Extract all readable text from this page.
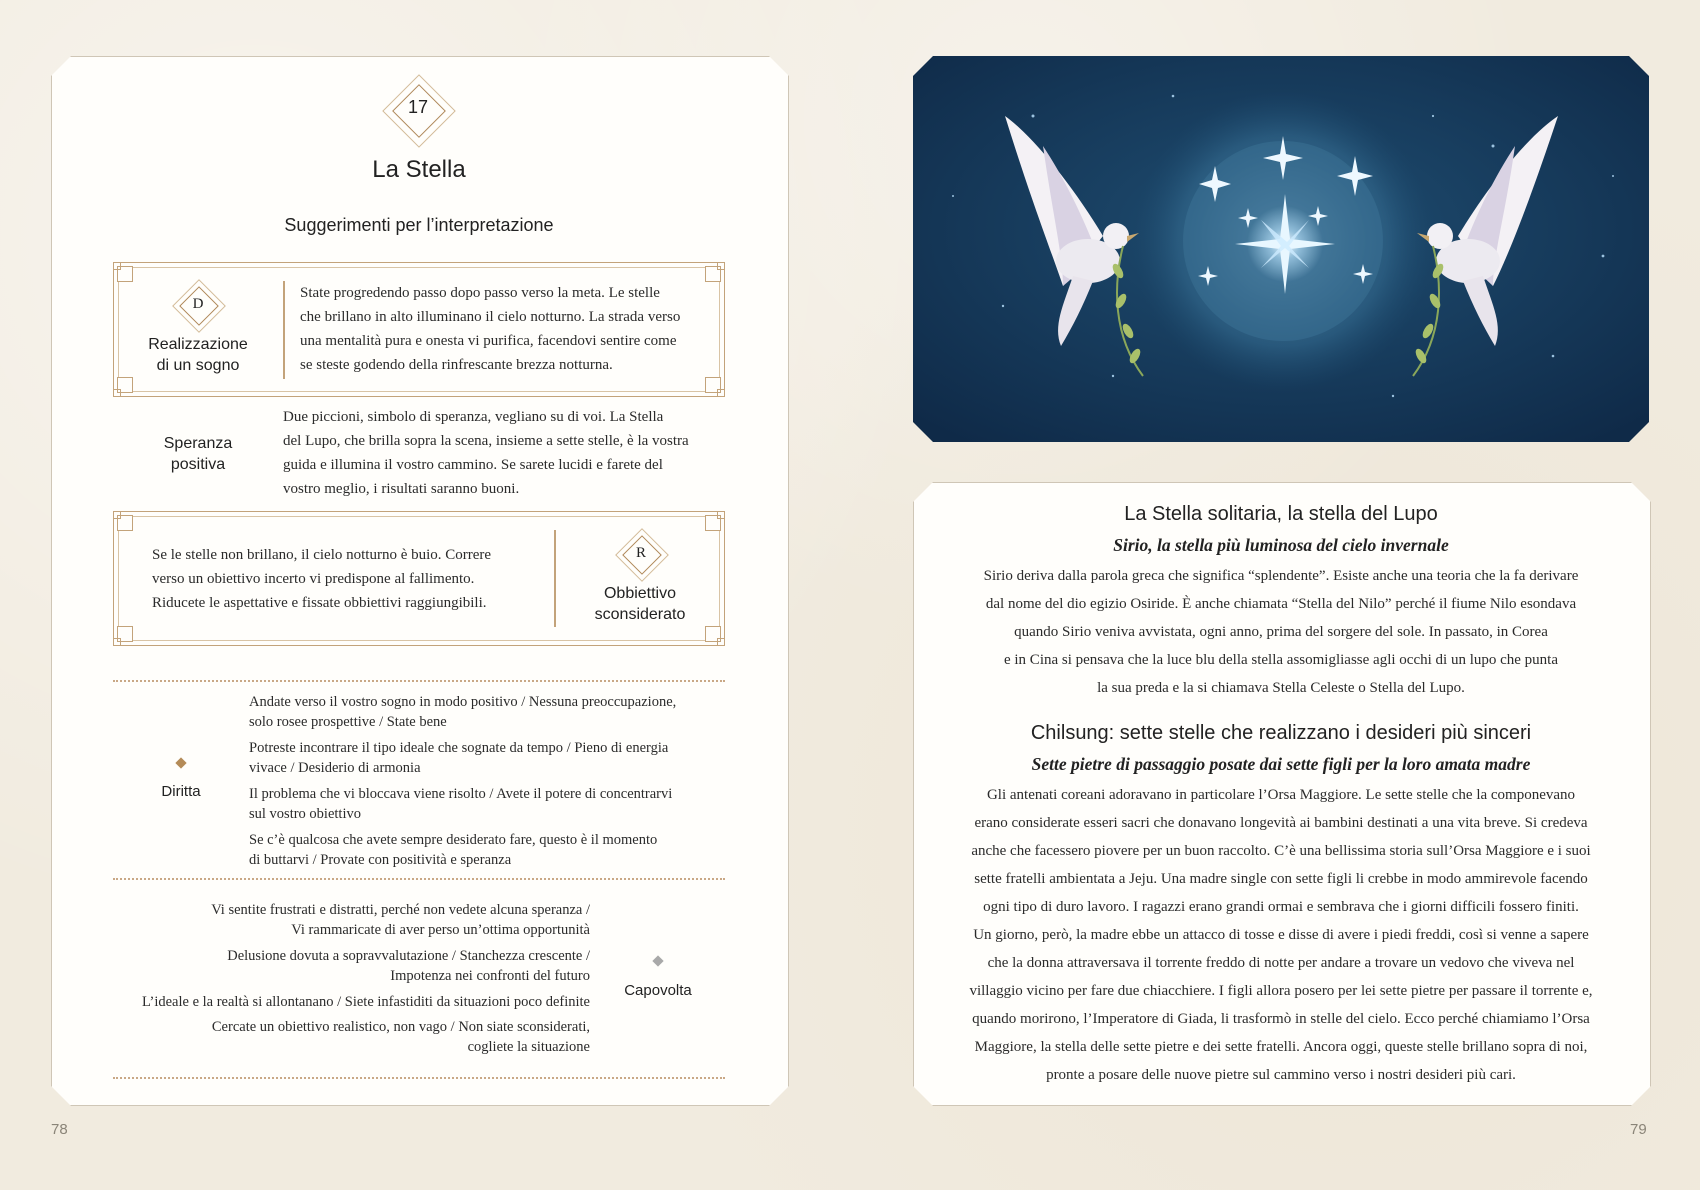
17
La Stella
Suggerimenti per l’interpretazione
D
Realizzazione
di un sogno
State progredendo passo dopo passo verso la meta. Le stelle
che brillano in alto illuminano il cielo notturno. La strada verso
una mentalità pura e onesta vi purifica, facendovi sentire come
se steste godendo della rinfrescante brezza notturna.
Speranza
positiva
Due piccioni, simbolo di speranza, vegliano su di voi. La Stella
del Lupo, che brilla sopra la scena, insieme a sette stelle, è la vostra
guida e illumina il vostro cammino. Se sarete lucidi e farete del
vostro meglio, i risultati saranno buoni.
Se le stelle non brillano, il cielo notturno è buio. Correre
verso un obiettivo incerto vi predispone al fallimento.
Riducete le aspettative e fissate obbiettivi raggiungibili.
R
Obbiettivo
sconsiderato
Diritta
Andate verso il vostro sogno in modo positivo / Nessuna preoccupazione,
solo rosee prospettive / State bene
Potreste incontrare il tipo ideale che sognate da tempo / Pieno di energia
vivace / Desiderio di armonia
Il problema che vi bloccava viene risolto / Avete il potere di concentrarvi
sul vostro obiettivo
Se c’è qualcosa che avete sempre desiderato fare, questo è il momento
di buttarvi / Provate con positività e speranza
Vi sentite frustrati e distratti, perché non vedete alcuna speranza /
Vi rammaricate di aver perso un’ottima opportunità
Delusione dovuta a sopravvalutazione / Stanchezza crescente /
Impotenza nei confronti del futuro
L’ideale e la realtà si allontanano / Siete infastiditi da situazioni poco definite
Cercate un obiettivo realistico, non vago / Non siate sconsiderati,
cogliete la situazione
Capovolta
78
La Stella solitaria, la stella del Lupo
Sirio, la stella più luminosa del cielo invernale
Sirio deriva dalla parola greca che significa “splendente”. Esiste anche una teoria che la fa derivare
dal nome del dio egizio Osiride. È anche chiamata “Stella del Nilo” perché il fiume Nilo esondava
quando Sirio veniva avvistata, ogni anno, prima del sorgere del sole. In passato, in Corea
e in Cina si pensava che la luce blu della stella assomigliasse agli occhi di un lupo che punta
la sua preda e la si chiamava Stella Celeste o Stella del Lupo.
Chilsung: sette stelle che realizzano i desideri più sinceri
Sette pietre di passaggio posate dai sette figli per la loro amata madre
Gli antenati coreani adoravano in particolare l’Orsa Maggiore. Le sette stelle che la componevano
erano considerate esseri sacri che donavano longevità ai bambini destinati a una vita breve. Si credeva
anche che facessero piovere per un buon raccolto. C’è una bellissima storia sull’Orsa Maggiore e i suoi
sette fratelli ambientata a Jeju. Una madre single con sette figli li crebbe in modo ammirevole facendo
ogni tipo di duro lavoro. I ragazzi erano grandi ormai e sembrava che i giorni difficili fossero finiti.
Un giorno, però, la madre ebbe un attacco di tosse e disse di avere i piedi freddi, così si venne a sapere
che la donna attraversava il torrente freddo di notte per andare a trovare un vedovo che viveva nel
villaggio vicino per fare due chiacchiere. I figli allora posero per lei sette pietre per passare il torrente e,
quando morirono, l’Imperatore di Giada, li trasformò in stelle del cielo. Ecco perché chiamiamo l’Orsa
Maggiore, la stella delle sette pietre e dei sette fratelli. Ancora oggi, queste stelle brillano sopra di noi,
pronte a posare delle nuove pietre sul cammino verso i nostri desideri più cari.
79
